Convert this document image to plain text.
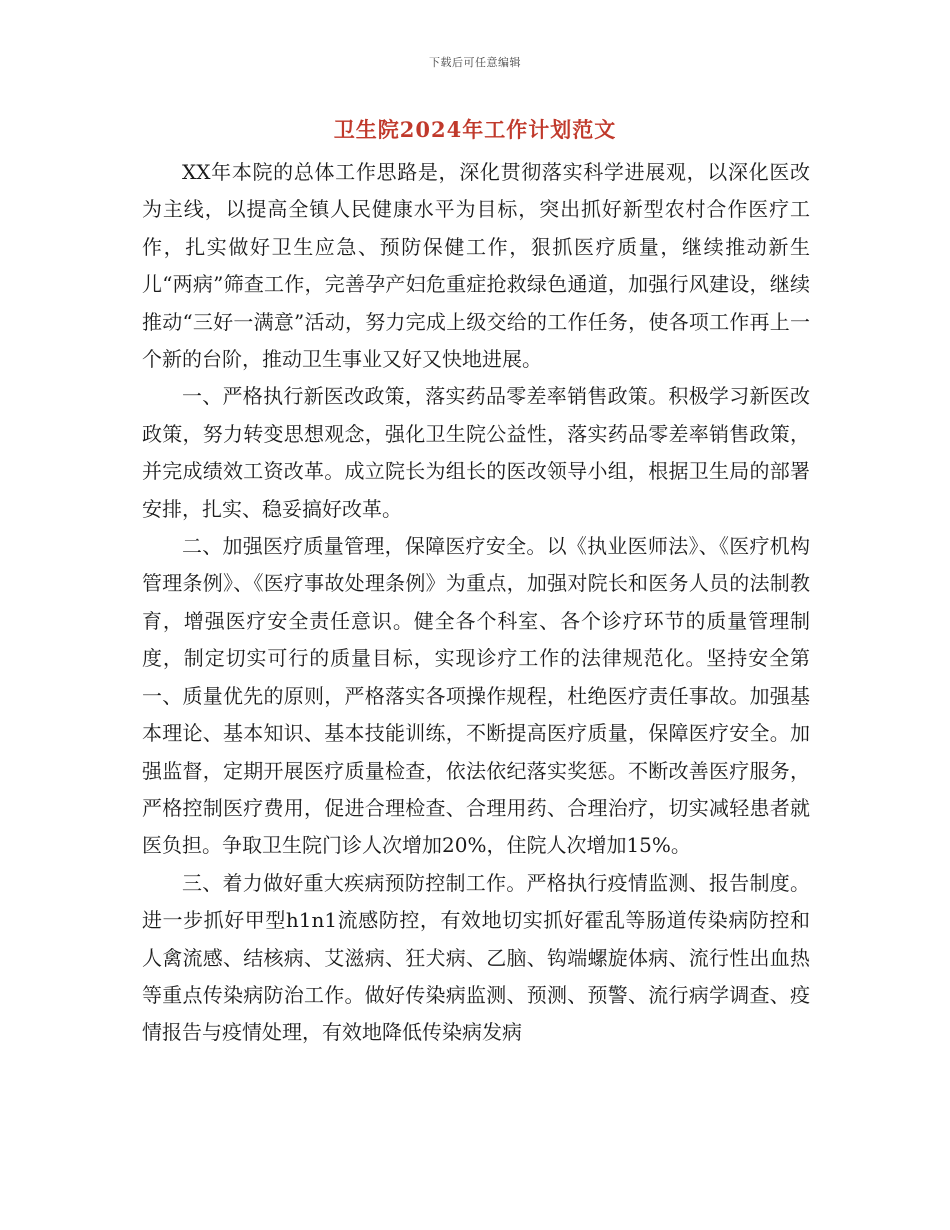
下载后可任意编辑
卫生院2024年工作计划范文

XX年本院的总体工作思路是，深化贯彻落实科学进展观，以深化医改为主线，以提高全镇人民健康水平为目标，突出抓好新型农村合作医疗工作，扎实做好卫生应急、预防保健工作，狠抓医疗质量，继续推动新生儿“两病”筛查工作，完善孕产妇危重症抢救绿色通道，加强行风建设，继续推动“三好一满意”活动，努力完成上级交给的工作任务，使各项工作再上一个新的台阶，推动卫生事业又好又快地进展。

一、严格执行新医改政策，落实药品零差率销售政策。积极学习新医改政策，努力转变思想观念，强化卫生院公益性，落实药品零差率销售政策，并完成绩效工资改革。成立院长为组长的医改领导小组，根据卫生局的部署安排，扎实、稳妥搞好改革。

二、加强医疗质量管理，保障医疗安全。以《执业医师法》、《医疗机构管理条例》、《医疗事故处理条例》为重点，加强对院长和医务人员的法制教育，增强医疗安全责任意识。健全各个科室、各个诊疗环节的质量管理制度，制定切实可行的质量目标，实现诊疗工作的法律规范化。坚持安全第一、质量优先的原则，严格落实各项操作规程，杜绝医疗责任事故。加强基本理论、基本知识、基本技能训练，不断提高医疗质量，保障医疗安全。加强监督，定期开展医疗质量检查，依法依纪落实奖惩。不断改善医疗服务，严格控制医疗费用，促进合理检查、合理用药、合理治疗，切实减轻患者就医负担。争取卫生院门诊人次增加20%，住院人次增加15%。

三、着力做好重大疾病预防控制工作。严格执行疫情监测、报告制度。进一步抓好甲型h1n1流感防控，有效地切实抓好霍乱等肠道传染病防控和人禽流感、结核病、艾滋病、狂犬病、乙脑、钩端螺旋体病、流行性出血热等重点传染病防治工作。做好传染病监测、预测、预警、流行病学调查、疫情报告与疫情处理，有效地降低传染病发病
